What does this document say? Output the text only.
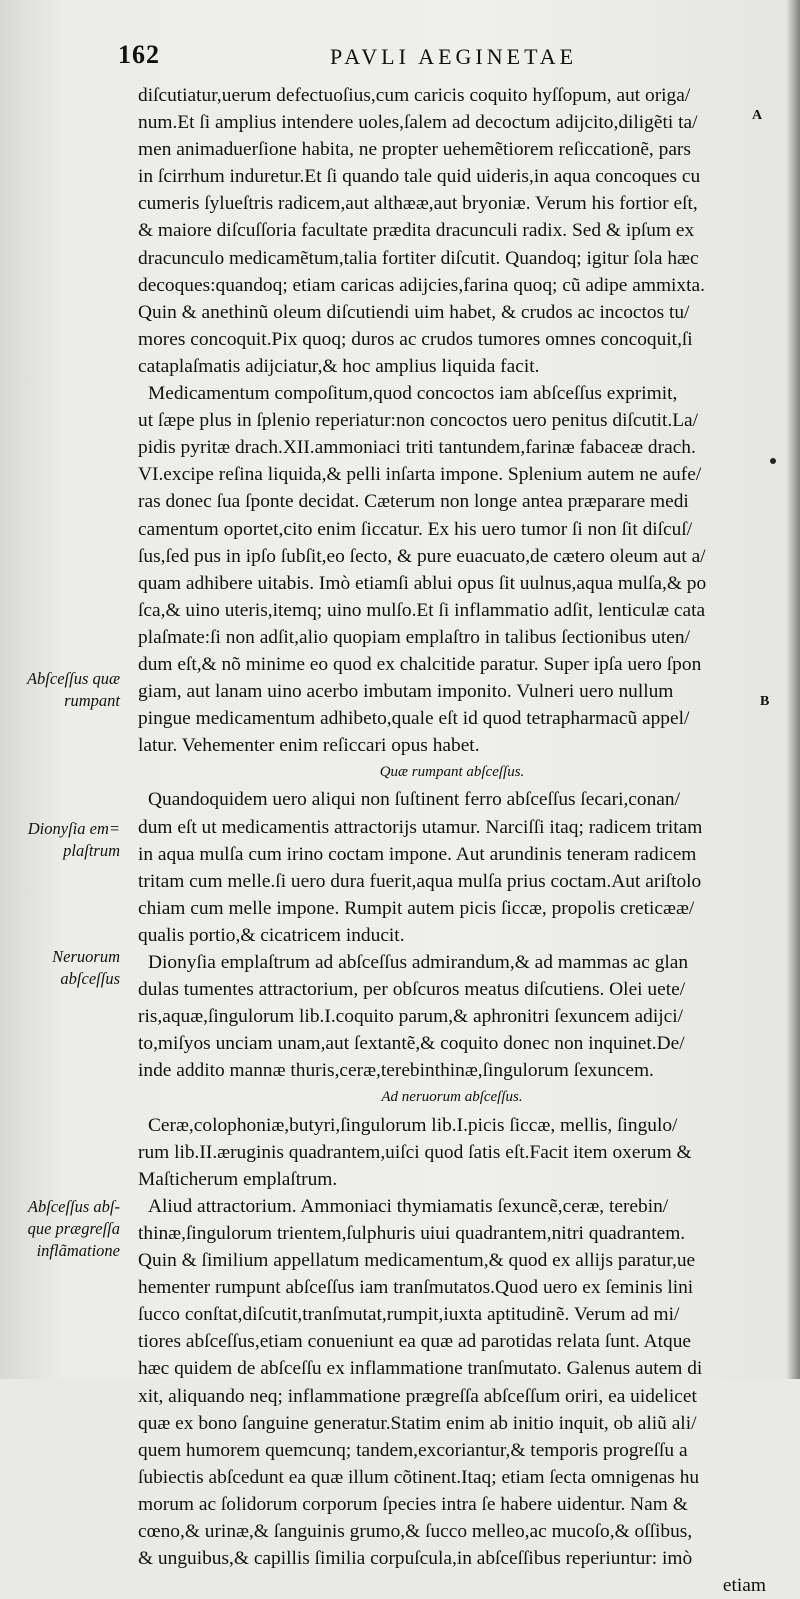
162	PAVLI AEGINETAE
A
B
Abſceſſus quæ
rumpant
Dionyſia em=
plaſtrum
Neruorum
abſceſſus
Abſceſſus abſ-
que prægreſſa
inflãmatione
diſcutiatur,uerum defectuoſius,cum caricis coquito hyſſopum, aut origa/
num.Et ſi amplius intendere uoles,ſalem ad decoctum adijcito,diligẽti ta/
men animaduerſione habita, ne propter uehemẽtiorem reſiccationẽ, pars
in ſcirrhum induretur.Et ſi quando tale quid uideris,in aqua concoques cu
cumeris ſylueſtris radicem,aut althææ,aut bryoniæ. Verum his fortior eſt,
& maiore diſcuſſoria facultate prædita dracunculi radix. Sed & ipſum ex
dracunculo medicamẽtum,talia fortiter diſcutit. Quandoq; igitur ſola hæc
decoques:quandoq; etiam caricas adijcies,farina quoq; cũ adipe ammixta.
Quin & anethinũ oleum diſcutiendi uim habet, & crudos ac incoctos tu/
mores concoquit.Pix quoq; duros ac crudos tumores omnes concoquit,ſi
cataplaſmatis adijciatur,& hoc amplius liquida facit.
Medicamentum compoſitum,quod concoctos iam abſceſſus exprimit,
ut ſæpe plus in ſplenio reperiatur:non concoctos uero penitus diſcutit.La/
pidis pyritæ drach.XII.ammoniaci triti tantundem,farinæ fabaceæ drach.
VI.excipe reſina liquida,& pelli inſarta impone. Splenium autem ne aufe/
ras donec ſua ſponte decidat. Cæterum non longe antea præparare medi
camentum oportet,cito enim ſiccatur. Ex his uero tumor ſi non ſit diſcuſ/
ſus,ſed pus in ipſo ſubſit,eo ſecto, & pure euacuato,de cætero oleum aut a/
quam adhibere uitabis. Imò etiamſi ablui opus ſit uulnus,aqua mulſa,& po
ſca,& uino uteris,itemq; uino mulſo.Et ſi inflammatio adſit, lenticulæ cata
plaſmate:ſi non adſit,alio quopiam emplaſtro in talibus ſectionibus uten/
dum eſt,& nõ minime eo quod ex chalcitide paratur. Super ipſa uero ſpon
giam, aut lanam uino acerbo imbutam imponito. Vulneri uero nullum
pingue medicamentum adhibeto,quale eſt id quod tetrapharmacũ appel/
latur. Vehementer enim reſiccari opus habet.
Quæ rumpant abſceſſus.
Quandoquidem uero aliqui non ſuſtinent ferro abſceſſus ſecari,conan/
dum eſt ut medicamentis attractorijs utamur. Narciſſi itaq; radicem tritam
in aqua mulſa cum irino coctam impone. Aut arundinis teneram radicem
tritam cum melle.ſi uero dura fuerit,aqua mulſa prius coctam.Aut ariſtolo
chiam cum melle impone. Rumpit autem picis ſiccæ, propolis creticææ/
qualis portio,& cicatricem inducit.
Dionyſia emplaſtrum ad abſceſſus admirandum,& ad mammas ac glan
dulas tumentes attractorium, per obſcuros meatus diſcutiens. Olei uete/
ris,aquæ,ſingulorum lib.I.coquito parum,& aphronitri ſexuncem adijci/
to,miſyos unciam unam,aut ſextantẽ,& coquito donec non inquinet.De/
inde addito mannæ thuris,ceræ,terebinthinæ,ſingulorum ſexuncem.
Ad neruorum abſceſſus.
Ceræ,colophoniæ,butyri,ſingulorum lib.I.picis ſiccæ, mellis, ſingulo/
rum lib.II.æruginis quadrantem,uiſci quod ſatis eſt.Facit item oxerum &
Maſticherum emplaſtrum.
Aliud attractorium. Ammoniaci thymiamatis ſexuncẽ,ceræ, terebin/
thinæ,ſingulorum trientem,ſulphuris uiui quadrantem,nitri quadrantem.
Quin & ſimilium appellatum medicamentum,& quod ex allijs paratur,ue
hementer rumpunt abſceſſus iam tranſmutatos.Quod uero ex ſeminis lini
ſucco conſtat,diſcutit,tranſmutat,rumpit,iuxta aptitudinẽ. Verum ad mi/
tiores abſceſſus,etiam conueniunt ea quæ ad parotidas relata ſunt. Atque
hæc quidem de abſceſſu ex inflammatione tranſmutato. Galenus autem di
xit, aliquando neq; inflammatione prægreſſa abſceſſum oriri, ea uidelicet
quæ ex bono ſanguine generatur.Statim enim ab initio inquit, ob aliũ ali/
quem humorem quemcunq; tandem,excoriantur,& temporis progreſſu a
ſubiectis abſcedunt ea quæ illum cõtinent.Itaq; etiam ſecta omnigenas hu
morum ac ſolidorum corporum ſpecies intra ſe habere uidentur. Nam &
cœno,& urinæ,& ſanguinis grumo,& ſucco melleo,ac mucoſo,& oſſibus,
& unguibus,& capillis ſimilia corpuſcula,in abſceſſibus reperiuntur: imò
etiam
